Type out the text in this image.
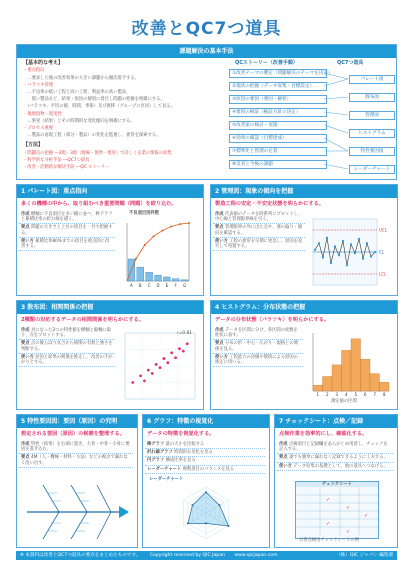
改善とQC7つ道具
課題解決の基本手法
【基本的な考え】
・重点指向
　…要求した後の改善効果の大きい課題から順次着手する。
・バラツキ管理
　…不良率の低い工程と高い工程、利益率の高い製品、
　　低い製品など、結果・原因の層別に着目し問題の把握を明確にする。
　（バラツキ、平均の値、時間、季節）及び推移（グループに区切）して見る。
・現地現物・現実性
　…事実（結果）とその時期的な変化傾向を明確にする。
・プロセス重視
　…製品の再現工程（部分・製品）の変化を監視し、異常を探索する。
【方法】
・問題点の把握 ―3現・3現（現場・現物・現実）で詳しく企業の情報の収集
・科学的な分析手法 ―QC7つ道具
・改善・活動的な解決手段 ―QC ストーリー
QCストーリー（改善手順）	QC7つ道具
①改善テーマの選定（問題解決のテーマを決定）
②現状の把握（データ収集・目標設定）
③原因の要因（要因・解析）
④要因の検証（検証方針の決定）
⑤改善案の検討・実施
⑥効果の確認（目標達成）
⑦標準化と管理の定着
⑧反省と今後の課題
パレート図
散布図
管理図
ヒストグラム
特性要因図
レーダーチャート
1 パレート図：重点指向
多くの機種の中から、取り組むべき重要問題（問題）を絞り込む。
作成 横軸に不良項目を多い順に並べ、棒グラフと累積比率の折れ線を描く。
要点 問題の大きさと上位の項目を一目で把握する。
使い方 累積比率80%までの項目を重点的に改善する。
不良項目別件数
A B C D E F G
2 管理図：現象の傾向を把握
製造工程の安定・不安定状態を明らかにする。
作成 代表値のデータを時系列にプロットし、中心線と管理限界線を引く。
要点 管理限界の外に出た点や、連の偏り・傾向を確認する。
使い方 工程の異常を早期に発見し、原因を追究して処置する。
UCL
CL
LCL
3 散布図：相関関係の把握
2種類の対応するデータの相関関係を明らかにする。
作成 対になった2つの特性値を横軸と縦軸に取り、点をプロットする。
要点 点の散らばり具合から相関の有無と強さを判断する。
使い方 原因と結果の関係を推定し、改善の手がかりとする。
r=0.81
4 ヒストグラム：分布状態の把握
データの分布状態（バラツキ）を明らかにする。
作成 データを区間に分け、各区間の度数を柱状に表す。
要点 分布の形・中心・広がり・規格との関係を見る。
使い方 工程能力の評価や層別による原因の推定に用いる。
1 2 3 4 5 6 7 8
測定値の区間
5 特性要因図：要因（原因）の究明
想定される要因（原因）の候補を整理する。
作成 特性（結果）を右端に置き、大骨・中骨・小骨に要因を書き込む。
要点 4M（人・機械・材料・方法）などの視点で漏れなく洗い出す。
6 グラフ：特徴の視覚化
データの特徴を視覚化する。
棒グラフ 量の大小を比較する
折れ線グラフ 時間的な変化を見る
円グラフ 構成比率を見る
レーダーチャート 複数項目のバランスを見る
レーダーチャート
7 チェックシート：点検／記録
点検作業を効率的にし、確認化する。
作成 点検項目と記録欄をあらかじめ用意し、チェックを記入する。
要点 誰でも簡単に漏れなく記録できるように工夫する。
使い方 データ収集の基礎として、他の道具へつなげる。
チェックシート
✓
✓
✓
✓
✓
日常点検用チェックシートの例
※ 本資料は改善とQC7つ道具の要点をまとめたものです。 Copyright reserved by QIC Japan www.qicjapan.com	（株）QIC ジャパン 編集部
